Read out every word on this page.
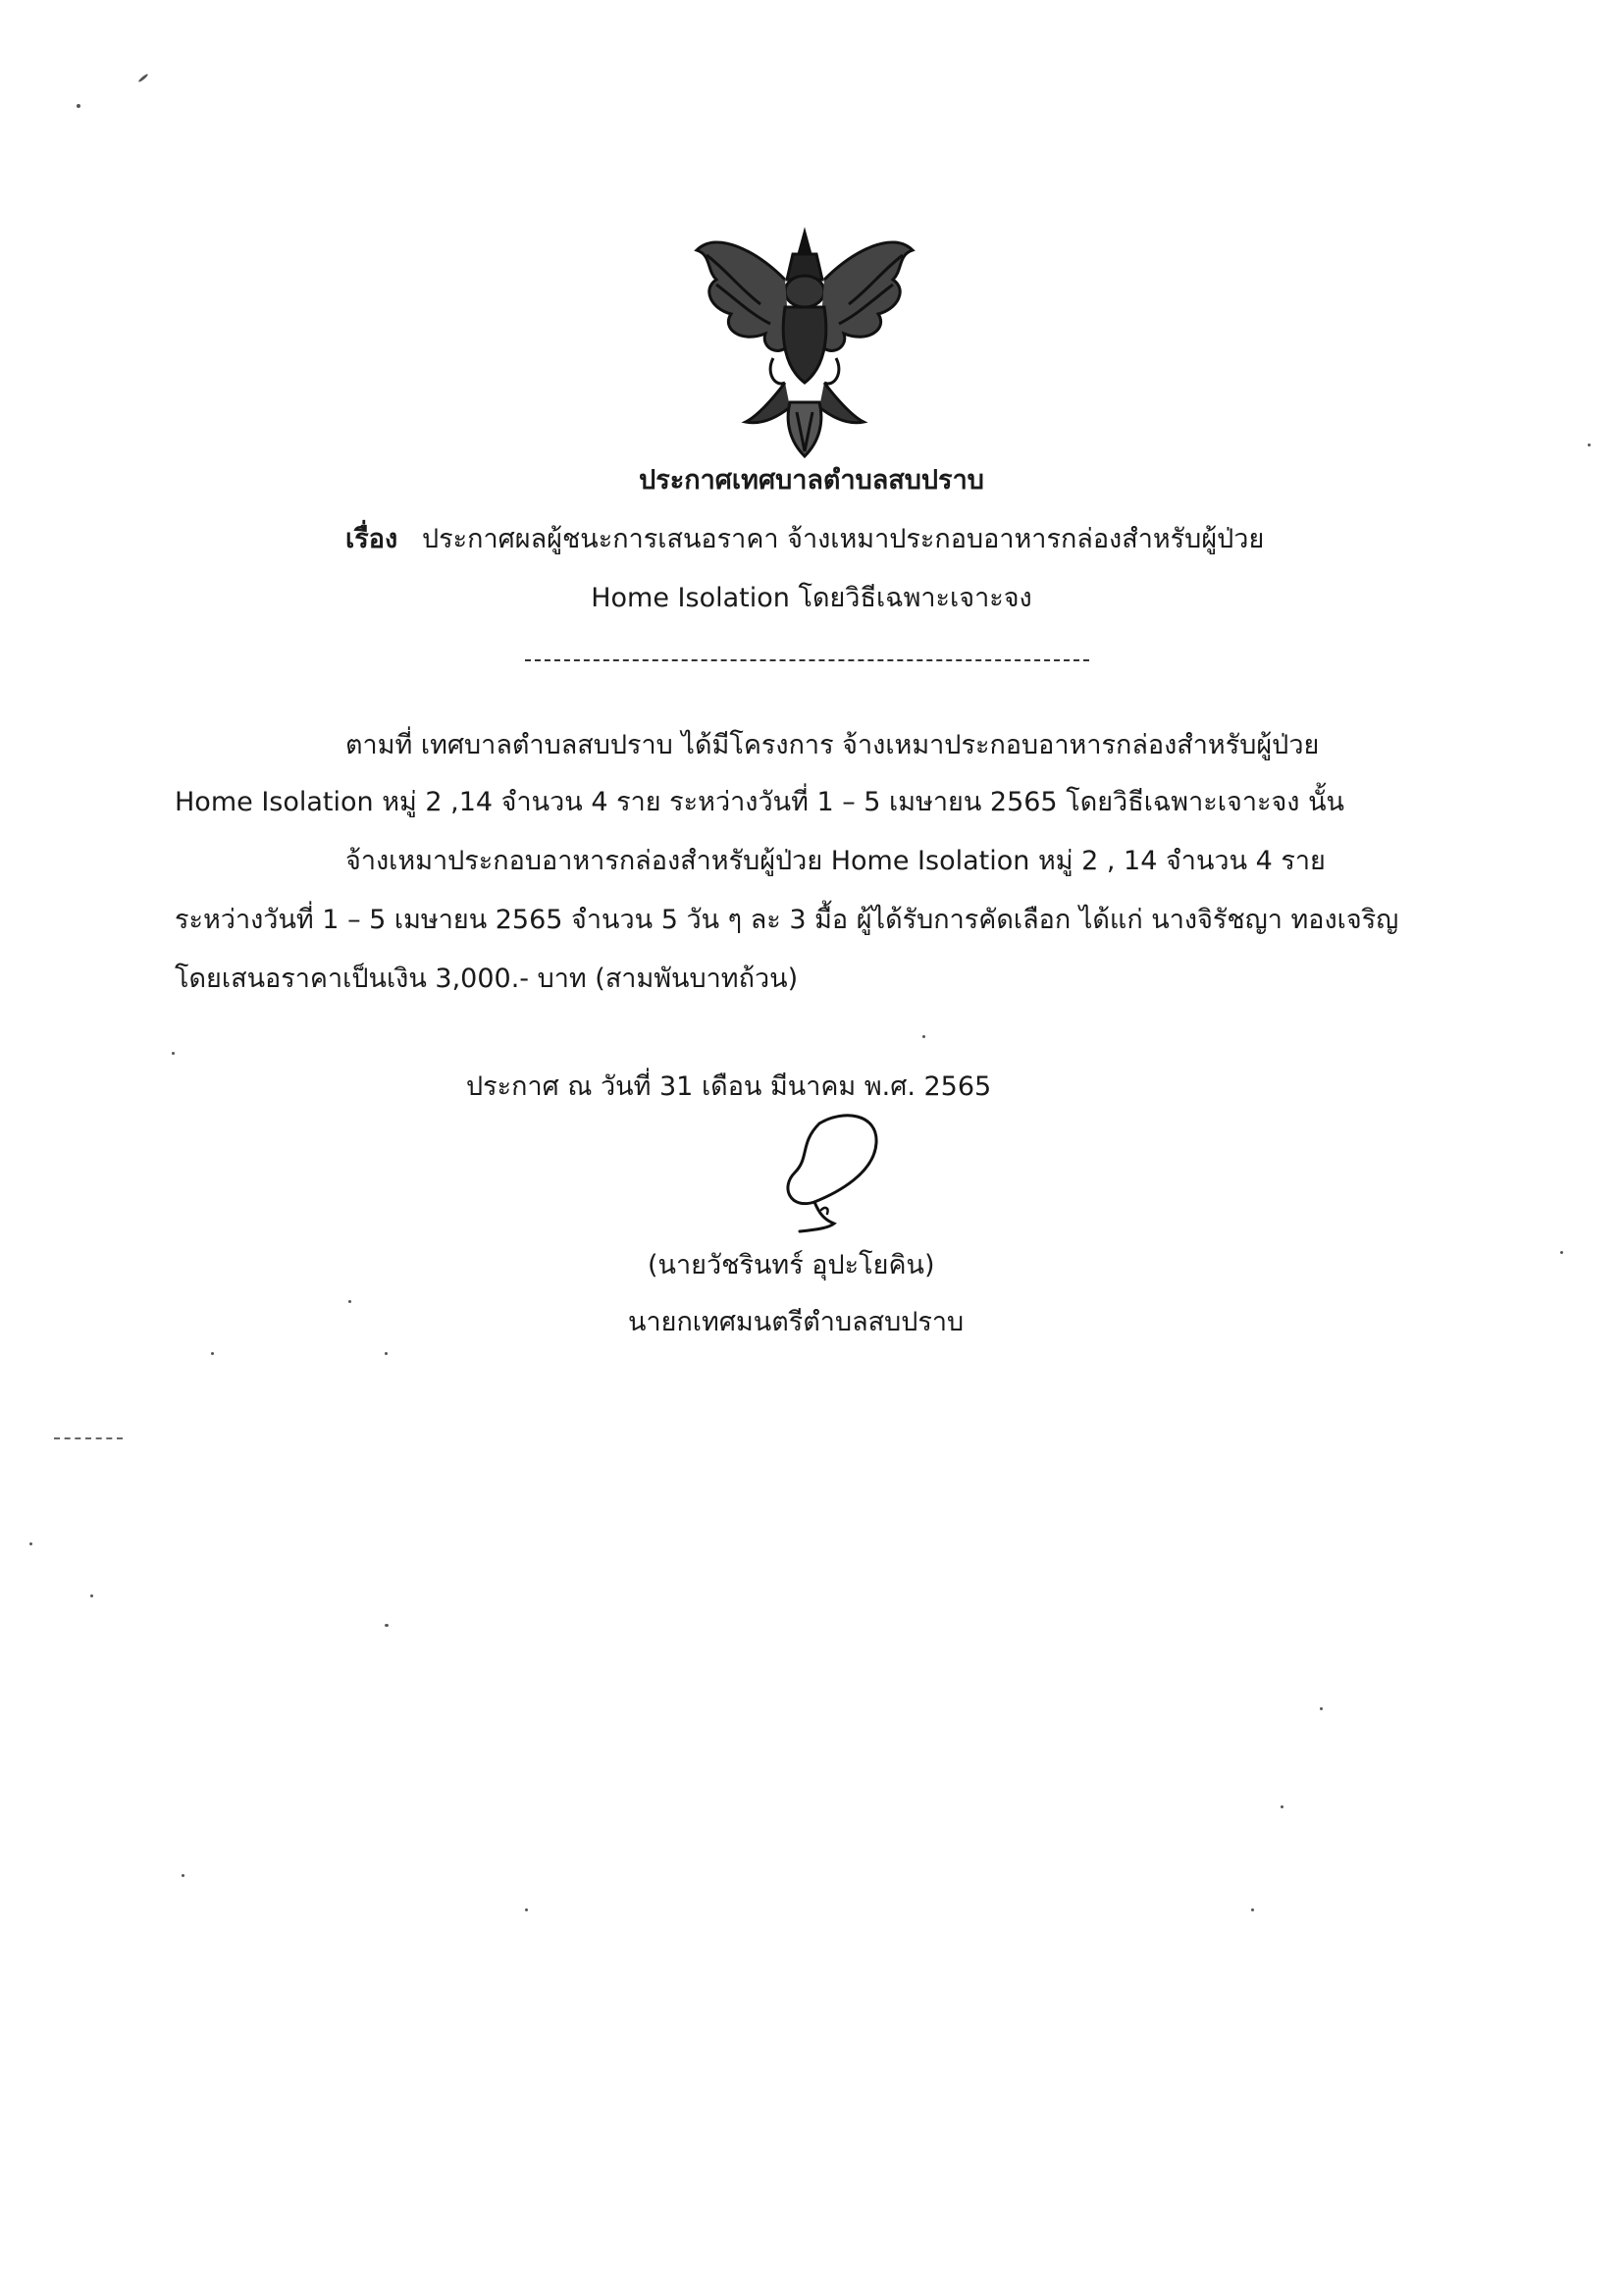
ประกาศเทศบาลตำบลสบปราบ
เรื่อง ประกาศผลผู้ชนะการเสนอราคา จ้างเหมาประกอบอาหารกล่องสำหรับผู้ป่วย
Home Isolation โดยวิธีเฉพาะเจาะจง
ตามที่ เทศบาลตำบลสบปราบ ได้มีโครงการ จ้างเหมาประกอบอาหารกล่องสำหรับผู้ป่วย
Home Isolation หมู่ 2 ,14 จำนวน 4 ราย ระหว่างวันที่ 1 – 5 เมษายน 2565 โดยวิธีเฉพาะเจาะจง นั้น
จ้างเหมาประกอบอาหารกล่องสำหรับผู้ป่วย Home Isolation หมู่ 2 , 14 จำนวน 4 ราย
ระหว่างวันที่ 1 – 5 เมษายน 2565 จำนวน 5 วัน ๆ ละ 3 มื้อ ผู้ได้รับการคัดเลือก ได้แก่ นางจิรัชญา ทองเจริญ
โดยเสนอราคาเป็นเงิน 3,000.- บาท (สามพันบาทถ้วน)
ประกาศ ณ วันที่ 31 เดือน มีนาคม พ.ศ. 2565
(นายวัชรินทร์ อุปะโยคิน)
นายกเทศมนตรีตำบลสบปราบ
